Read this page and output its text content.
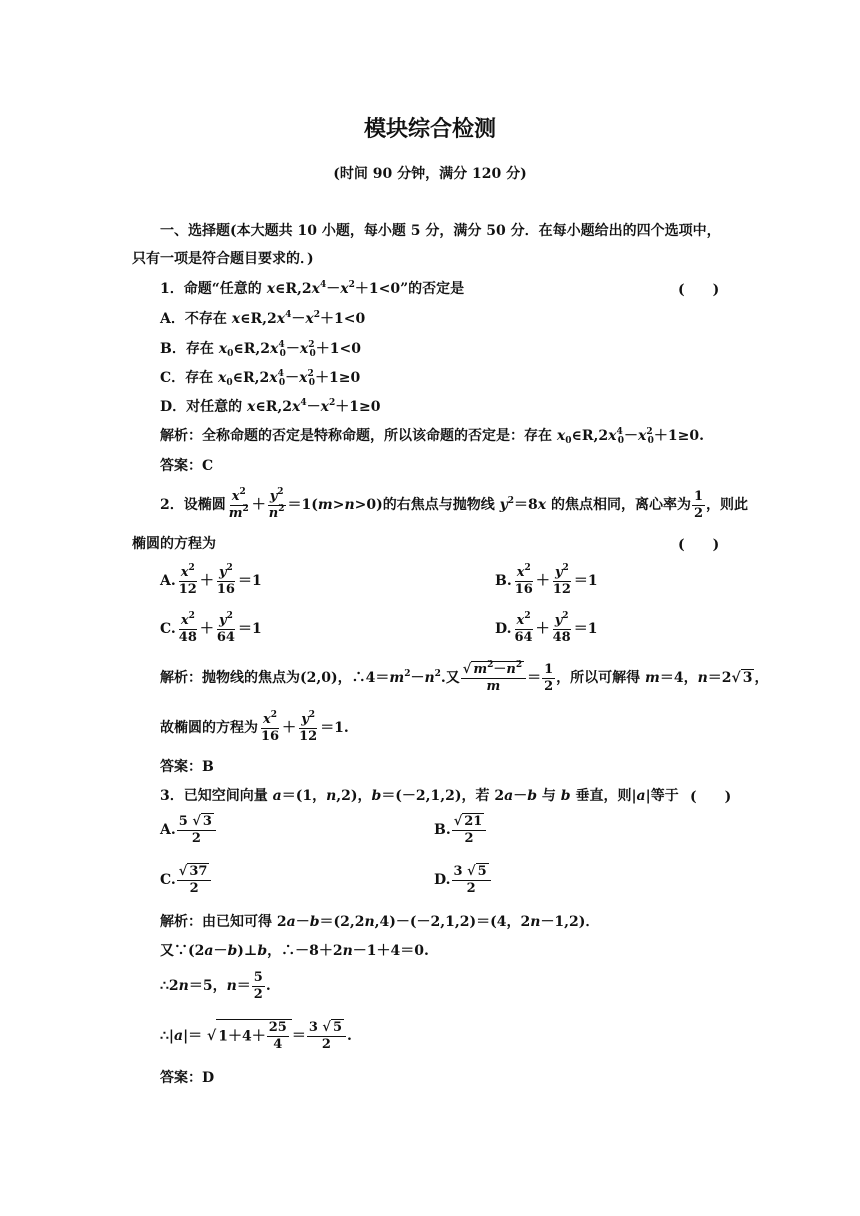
模块综合检测
(时间 90 分钟，满分 120 分)
一、选择题(本大题共 10 小题，每小题 5 分，满分 50 分．在每小题给出的四个选项中，
只有一项是符合题目要求的．)
1．命题“任意的 $x\in R,2x^4-x^2+1<0$”的否定是	(　　)
A．不存在 $x\in R,2x^4-x^2+1<0$
B．存在 $x_0\in R,2x^4_0-x^2_0+1<0$
C．存在 $x_0\in R,2x^4_0-x^2_0+1\ge 0$
D．对任意的 $x\in R,2x^4-x^2+1\ge 0$
解析：全称命题的否定是特称命题，所以该命题的否定是：存在 $x_0\in R,2x^4_0-x^2_0+1\ge 0$.
答案：C
2．设椭圆 $\frac{x^2}{m^2} + \frac{y^2}{n^2} =1(m>n>0)$的右焦点与抛物线 $y^2=8x$ 的焦点相同，离心率为 $\frac{1}{2}$ ，则此
椭圆的方程为	(　　)
A. $\frac{x^2}{12} + \frac{y^2}{16} =1$	B. $\frac{x^2}{16} + \frac{y^2}{12} =1$
C. $\frac{x^2}{48} + \frac{y^2}{64} =1$	D. $\frac{x^2}{64} + \frac{y^2}{48} =1$
解析：抛物线的焦点为(2,0)，$\therefore 4=m^2-n^2$.又 $\frac{√ m^2-n^2}{m} = \frac{1}{2}$ ，所以可解得 m＝4，n＝2√ 3 ，
故椭圆的方程为 $\frac{x^2}{16} + \frac{y^2}{12} =1$.
答案：B
3．已知空间向量 a＝(1，n,2)，b＝(－2,1,2)，若 2a－b 与 b 垂直，则|a|等于 (　　)
A. $\frac{5 √ 3}{2}$	B. $\frac{√ 21}{2}$
C. $\frac{√ 37}{2}$	D. $\frac{3 √ 5}{2}$
解析：由已知可得 2a－b＝(2,2n,4)－(－2,1,2)＝(4，2n－1,2)．
又∵(2a－b)⊥b，∴－8＋2n－1＋4＝0.
∴2n＝5，$n= \frac{5}{2}$ .
∴|a|＝ √ $1+4+ \frac{25}{4} = \frac{3 √ 5}{2}$ .
答案：D
